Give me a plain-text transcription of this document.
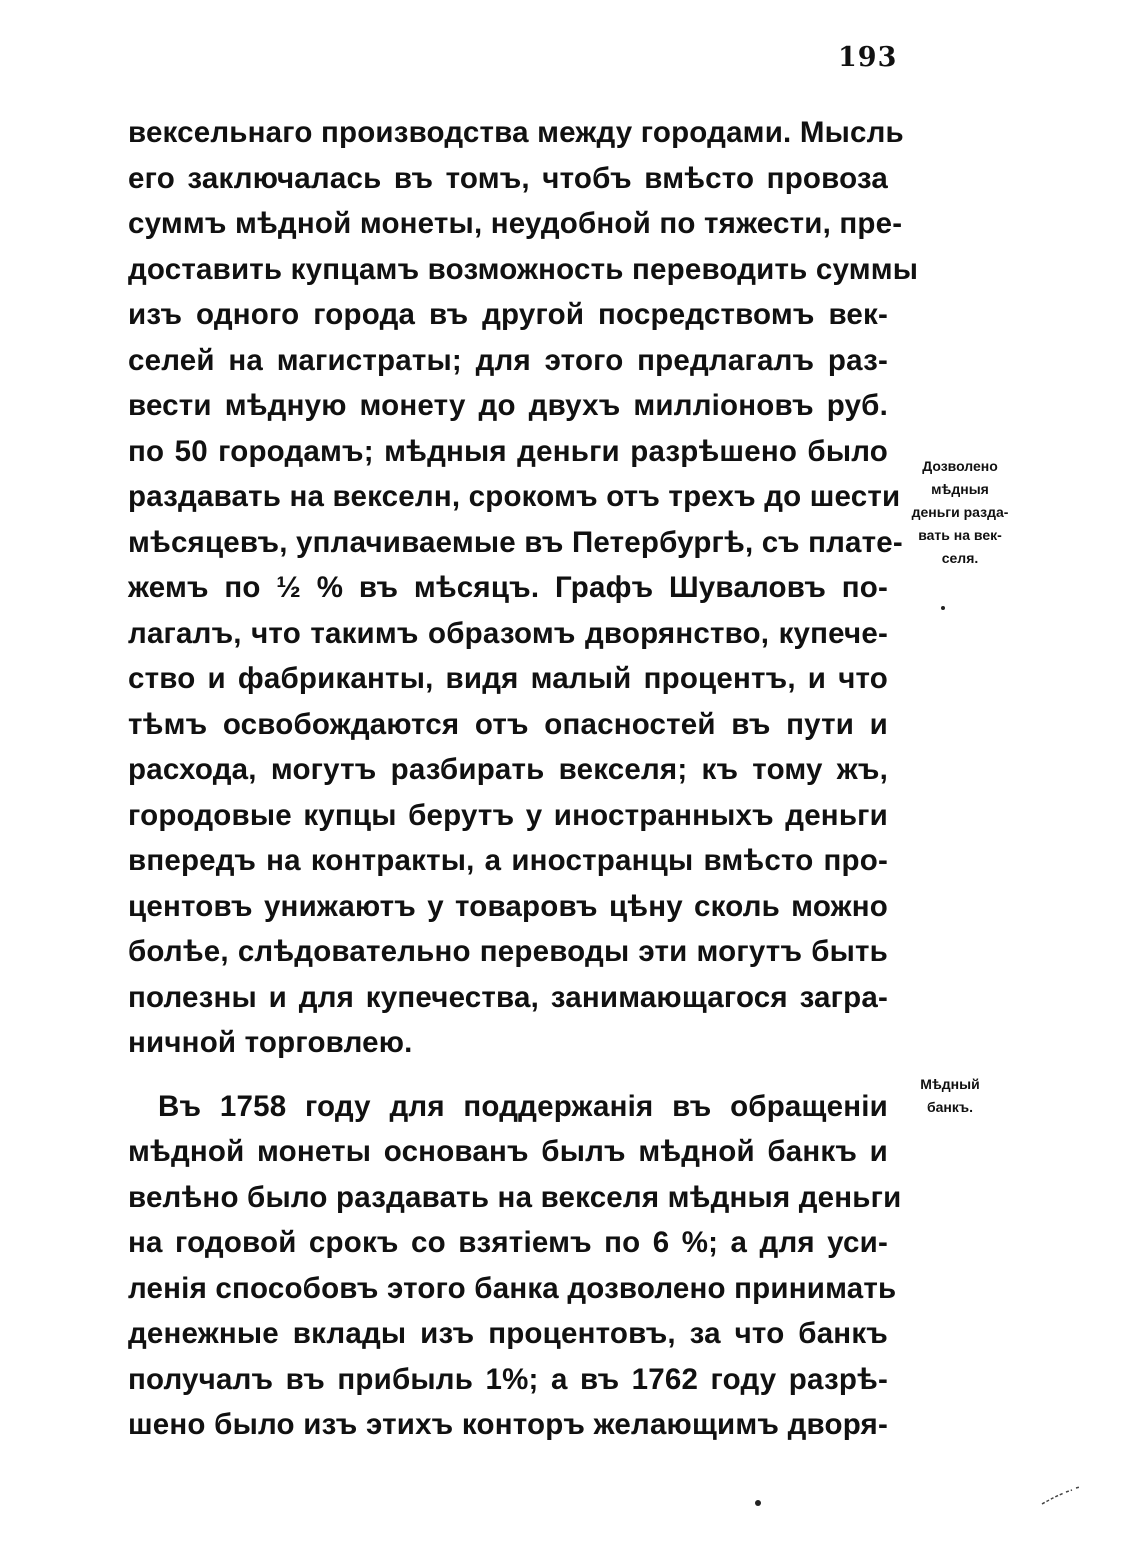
193
вексельнаго производства между городами. Мысль
его заключалась въ томъ, чтобъ вмѣсто провоза
суммъ мѣдной монеты, неудобной по тяжести, пре-
доставить купцамъ возможность переводить суммы
изъ одного города въ другой посредствомъ век-
селей на магистраты; для этого предлагалъ раз-
вести мѣдную монету до двухъ миллiоновъ руб.
по 50 городамъ; мѣдныя деньги разрѣшено было
раздавать на векселн, срокомъ отъ трехъ до шести
мѣсяцевъ, уплачиваемые въ Петербургѣ, съ плате-
жемъ по ½ % въ мѣсяцъ. Графъ Шуваловъ по-
лагалъ, что такимъ образомъ дворянство, купече-
ство и фабриканты, видя малый процентъ, и что
тѣмъ освобождаются отъ опасностей въ пути и
расхода, могутъ разбирать векселя; къ тому жъ,
городовые купцы берутъ у иностранныхъ деньги
впередъ на контракты, а иностранцы вмѣсто про-
центовъ унижаютъ у товаровъ цѣну сколь можно
болѣе, слѣдовательно переводы эти могутъ быть
полезны и для купечества, занимающагося загра-
ничной торговлею.
Въ 1758 году для поддержанiя въ обращенiи
мѣдной монеты основанъ былъ мѣдной банкъ и
велѣно было раздавать на векселя мѣдныя деньги
на годовой срокъ со взятiемъ по 6 %; а для уси-
ленiя способовъ этого банка дозволено принимать
денежные вклады изъ процентовъ, за что банкъ
получалъ въ прибыль 1%; а въ 1762 году разрѣ-
шено было изъ этихъ конторъ желающимъ дворя-
Дозволено
мѣдныя
деньги разда-
вать на век-
селя.
Мѣдный
банкъ.
